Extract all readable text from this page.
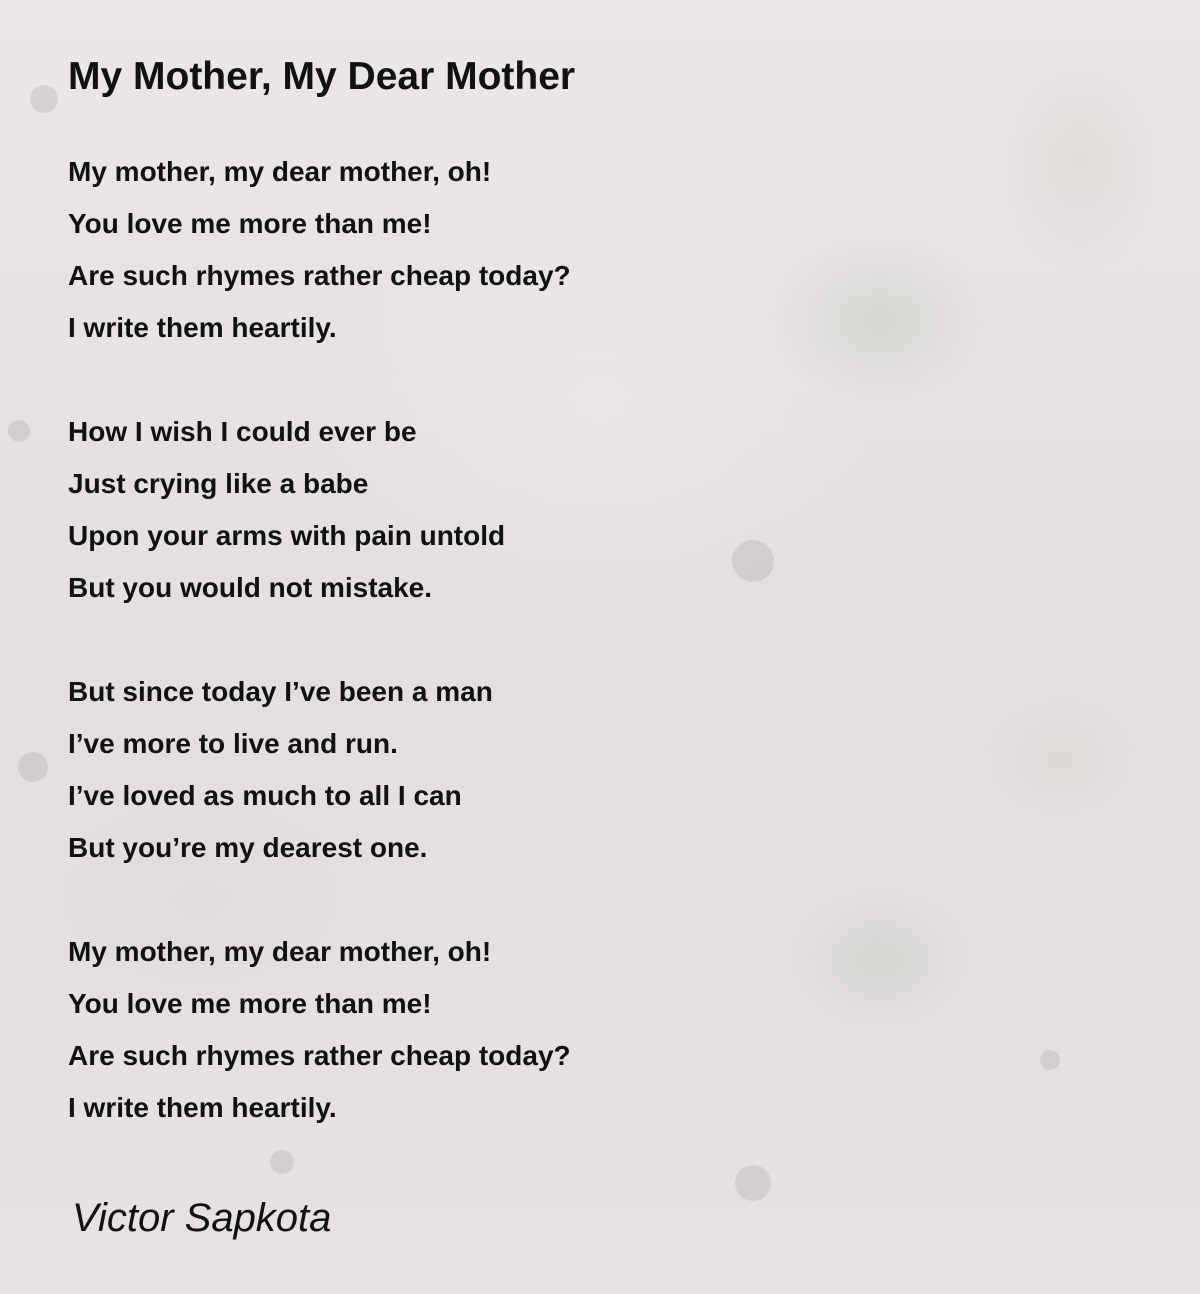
My Mother, My Dear Mother
My mother, my dear mother, oh!
You love me more than me!
Are such rhymes rather cheap today?
I write them heartily.
How I wish I could ever be
Just crying like a babe
Upon your arms with pain untold
But you would not mistake.
But since today I’ve been a man
I’ve more to live and run.
I’ve loved as much to all I can
But you’re my dearest one.
My mother, my dear mother, oh!
You love me more than me!
Are such rhymes rather cheap today?
I write them heartily.

Victor Sapkota
